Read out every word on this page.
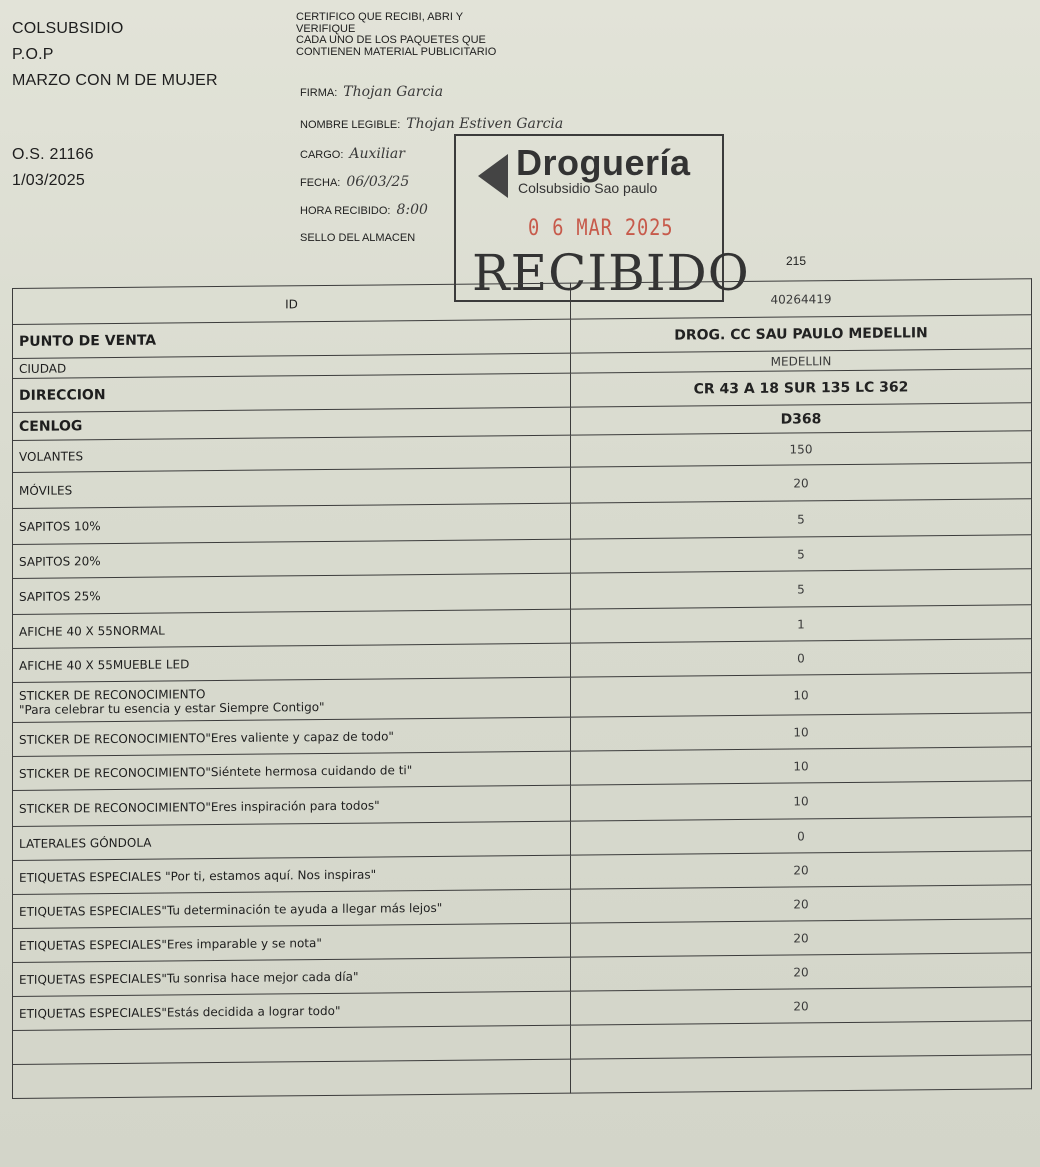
COLSUBSIDIO
P.O.P
MARZO CON M DE MUJER
O.S. 21166
1/03/2025
CERTIFICO QUE RECIBI, ABRI Y
VERIFIQUE
CADA UNO DE LOS PAQUETES QUE
CONTIENEN MATERIAL PUBLICITARIO
FIRMA: Thojan Garcia
NOMBRE LEGIBLE: Thojan Estiven Garcia
CARGO: Auxiliar
FECHA: 06/03/25
HORA RECIBIDO: 8:00
SELLO DEL ALMACEN
Droguería
Colsubsidio Sao paulo
0 6 MAR 2025
RECIBIDO	215
ID	40264419

PUNTO DE VENTA	DROG. CC SAU PAULO MEDELLIN

CIUDAD	MEDELLIN

DIRECCION	CR 43 A 18 SUR 135 LC 362

CENLOG	D368

VOLANTES	150

MÓVILES	20

SAPITOS 10%	5

SAPITOS 20%	5

SAPITOS 25%	5

AFICHE 40 X 55NORMAL	1

AFICHE 40 X 55MUEBLE LED	0

STICKER DE RECONOCIMIENTO
"Para celebrar tu esencia y estar Siempre Contigo"	10

STICKER DE RECONOCIMIENTO"Eres valiente y capaz de todo"	10

STICKER DE RECONOCIMIENTO"Siéntete hermosa cuidando de ti"	10

STICKER DE RECONOCIMIENTO"Eres inspiración para todos"	10

LATERALES GÓNDOLA	0

ETIQUETAS ESPECIALES "Por ti, estamos aquí. Nos inspiras"	20

ETIQUETAS ESPECIALES"Tu determinación te ayuda a llegar más lejos"	20

ETIQUETAS ESPECIALES"Eres imparable y se nota"	20

ETIQUETAS ESPECIALES"Tu sonrisa hace mejor cada día"	20

ETIQUETAS ESPECIALES"Estás decidida a lograr todo"	20
